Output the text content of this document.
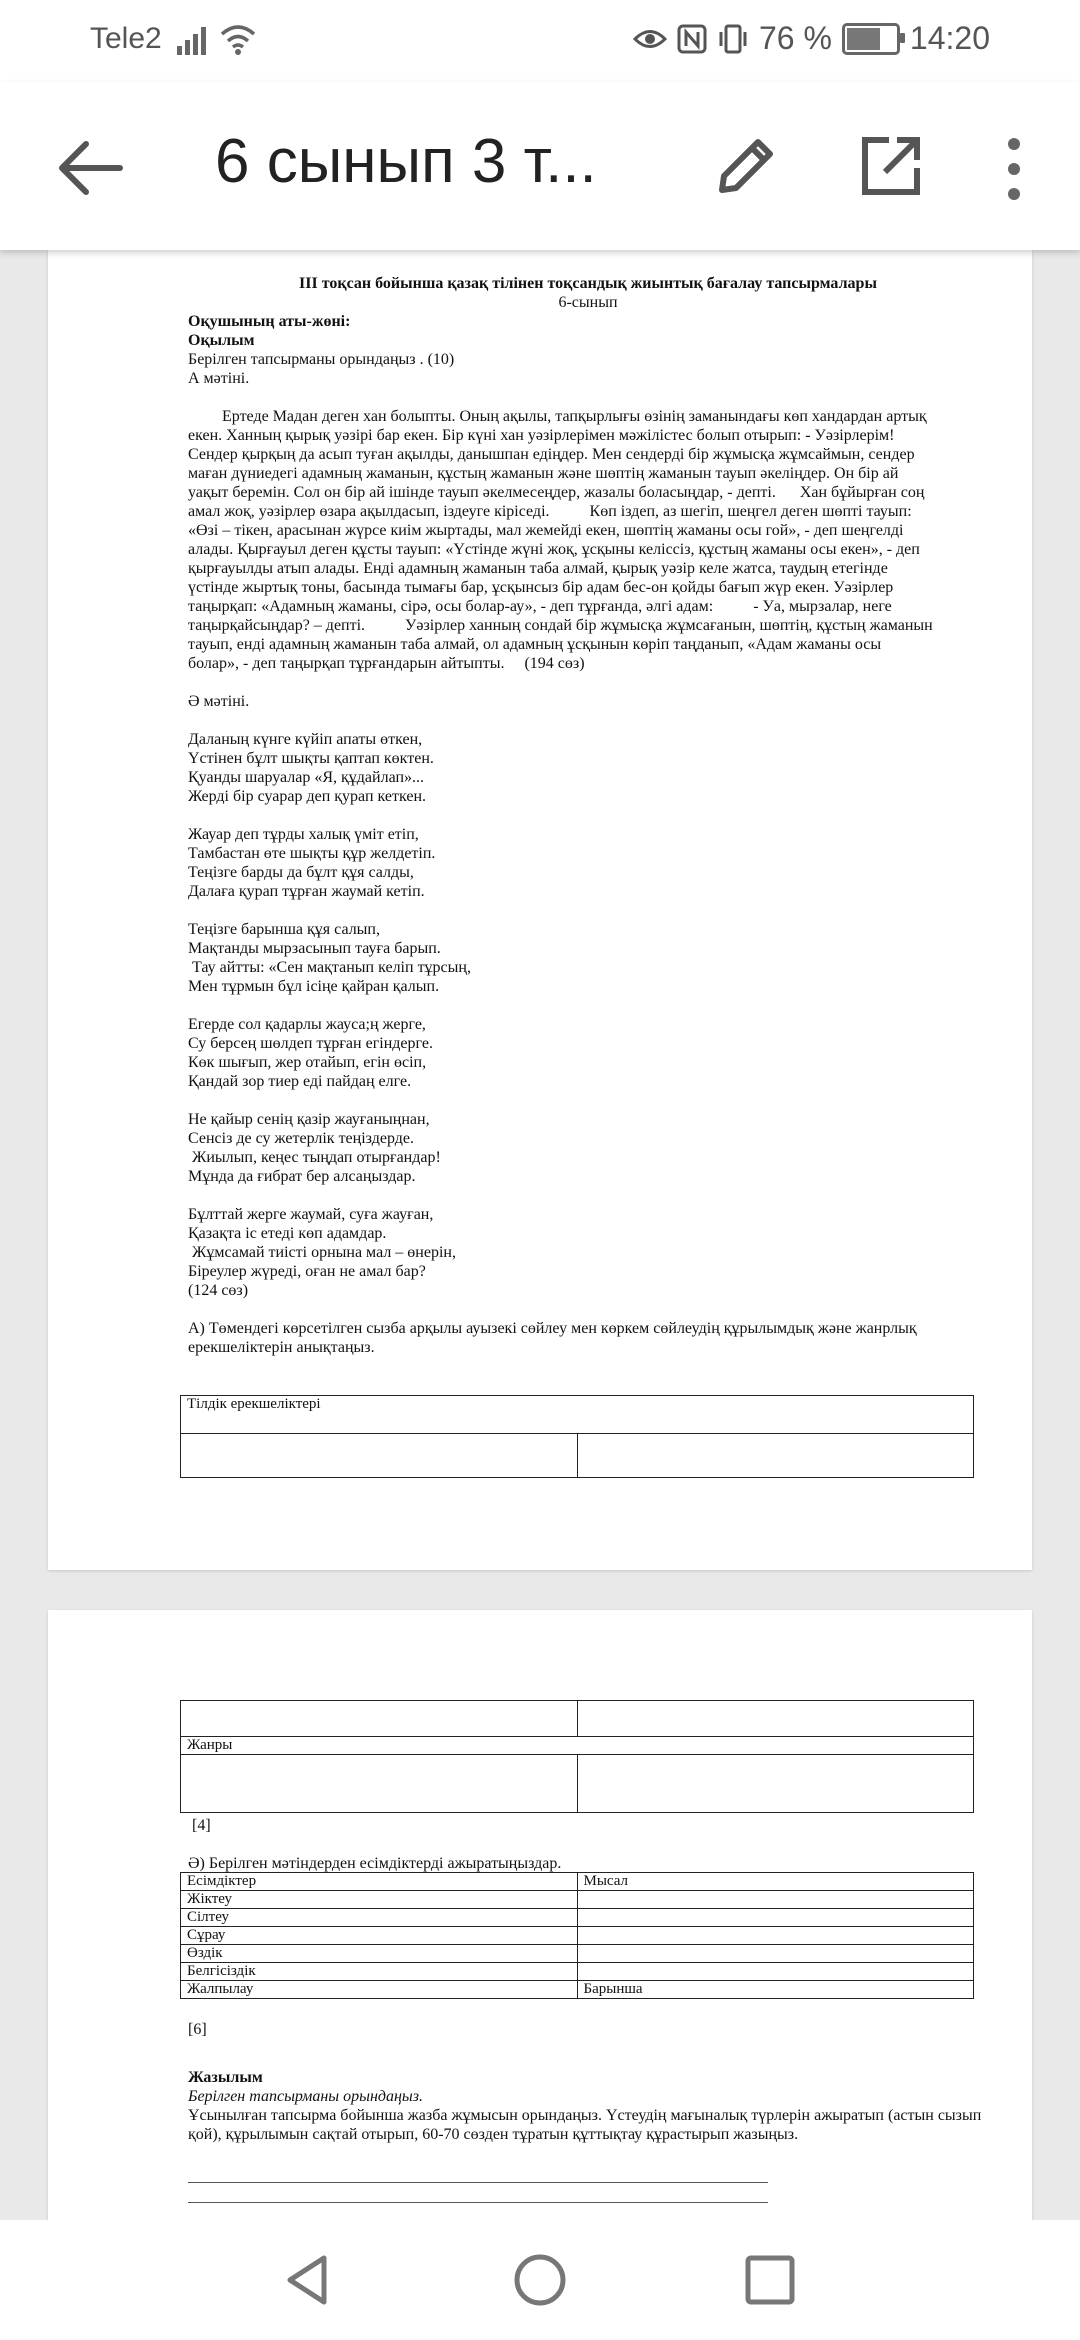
Tele2	76 % 14:20
6 сынып 3 т...

ІІІ тоқсан бойынша қазақ тілінен тоқсандық жиынтық бағалау тапсырмалары

6-сынып

Оқушының аты-жөні:

Оқылым

Берілген тапсырманы орындаңыз . (10)

А мәтіні.

Ертеде Мадан деген хан болыпты. Оның ақылы, тапқырлығы өзінің заманындағы көп хандардан артық

екен. Ханның қырық уәзірі бар екен. Бір күні хан уәзірлерімен мәжілістес болып отырып: - Уәзірлерім!

Сендер қырқың да асып туған ақылды, данышпан едіңдер. Мен сендерді бір жұмысқа жұмсаймын, сендер

маған дүниедегі адамның жаманын, құстың жаманын және шөптің жаманын тауып әкеліңдер. Он бір ай

уақыт беремін. Сол он бір ай ішінде тауып әкелмесеңдер, жазалы боласыңдар, - депті.      Хан бұйырған соң

амал жоқ, уәзірлер өзара ақылдасып, іздеуге кіріседі.          Көп іздеп, аз шегіп, шеңгел деген шөпті тауып:

«Өзі – тікен, арасынан жүрсе киім жыртады, мал жемейді екен, шөптің жаманы осы гой», - деп шеңгелді

алады. Қырғауыл деген құсты тауып: «Үстінде жүні жоқ, ұсқыны келіссіз, құстың жаманы осы екен», - деп

қырғауылды атып алады. Енді адамның жаманын таба алмай, қырық уәзір келе жатса, таудың етегінде

үстінде жыртық тоны, басында тымағы бар, ұсқынсыз бір адам бес-он қойды бағып жүр екен. Уәзірлер

таңырқап: «Адамның жаманы, сірә, осы болар-ау», - деп тұрғанда, әлгі адам:          - Уа, мырзалар, неге

таңырқайсыңдар? – депті.          Уәзірлер ханның сондай бір жұмысқа жұмсағанын, шөптің, құстың жаманын

тауып, енді адамның жаманын таба алмай, ол адамның ұсқынын көріп таңданып, «Адам жаманы осы

болар», - деп таңырқап тұрғандарын айтыпты.     (194 сөз)

Ә мәтіні.

Даланың күнге күйіп апаты өткен,

Үстінен бұлт шықты қаптап көктен.

Қуанды шаруалар «Я, құдайлап»...

Жерді бір суарар деп қурап кеткен.

Жауар деп тұрды халық үміт етіп,

Тамбастан өте шықты құр желдетіп.

Теңізге барды да бұлт құя салды,

Далаға қурап тұрған жаумай кетіп.

Теңізге барынша құя салып,

Мақтанды мырзасынып тауға барып.

Тау айтты: «Сен мақтанып келіп тұрсың,

Мен тұрмын бұл ісіңе қайран қалып.

Егерде сол қадарлы жауса;ң жерге,

Су берсең шөлдеп тұрған егіндерге.

Көк шығып, жер отайып, егін өсіп,

Қандай зор тиер еді пайдаң елге.

Не қайыр сенің қазір жауғаныңнан,

Сенсіз де су жетерлік теңіздерде.

Жиылып, кеңес тыңдап отырғандар!

Мұнда да ғибрат бер алсаңыздар.

Бұлттай жерге жаумай, суға жауған,

Қазақта іс етеді көп адамдар.

Жұмсамай тиісті орнына мал – өнерін,

Біреулер жүреді, оған не амал бар?

(124 сөз)

А) Төмендегі көрсетілген сызба арқылы ауызекі сөйлеу мен көркем сөйлеудің құрылымдық және жанрлық ерекшеліктерін анықтаңыз.

Тілдік ерекшеліктері

Жанры	

[4]

Ә) Берілген мәтіндерден есімдіктерді ажыратыңыздар.

Есімдіктер	Мысал
Жіктеу	
Сілтеу	
Сұрау	
Өздік	
Белгісіздік	
Жалпылау	Барынша

[6]

Жазылым

Берілген тапсырманы орындаңыз.

Ұсынылған тапсырма бойынша жазба жұмысын орындаңыз. Үстеудің мағыналық түрлерін ажыратып (астын сызып қой), құрылымын сақтай отырып, 60-70 сөзден тұратын құттықтау құрастырып жазыңыз.
